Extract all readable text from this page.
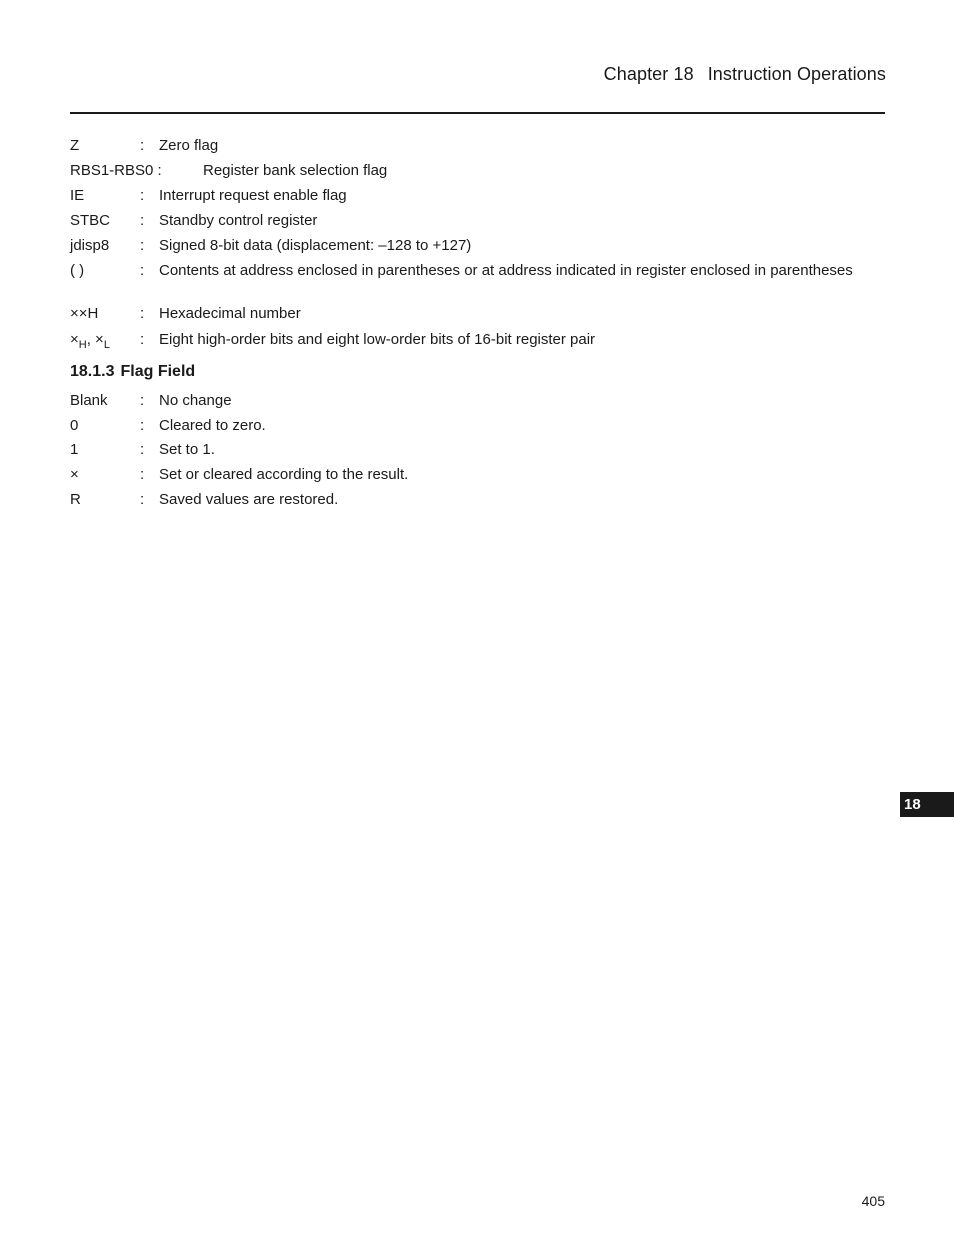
Chapter 18 Instruction Operations
Z	: Zero flag
RBS1-RBS0 :	Register bank selection flag
IE	: Interrupt request enable flag
STBC : Standby control register
jdisp8 : Signed 8-bit data (displacement: –128 to +127)
( )	: Contents at address enclosed in parentheses or at address indicated in register enclosed in parentheses
××H	: Hexadecimal number
$\times_H$, $\times_L$ : Eight high-order bits and eight low-order bits of 16-bit register pair
18.1.3 Flag Field
Blank : No change
0	: Cleared to zero.
1	: Set to 1.
×	: Set or cleared according to the result.
R	: Saved values are restored.
18
405
